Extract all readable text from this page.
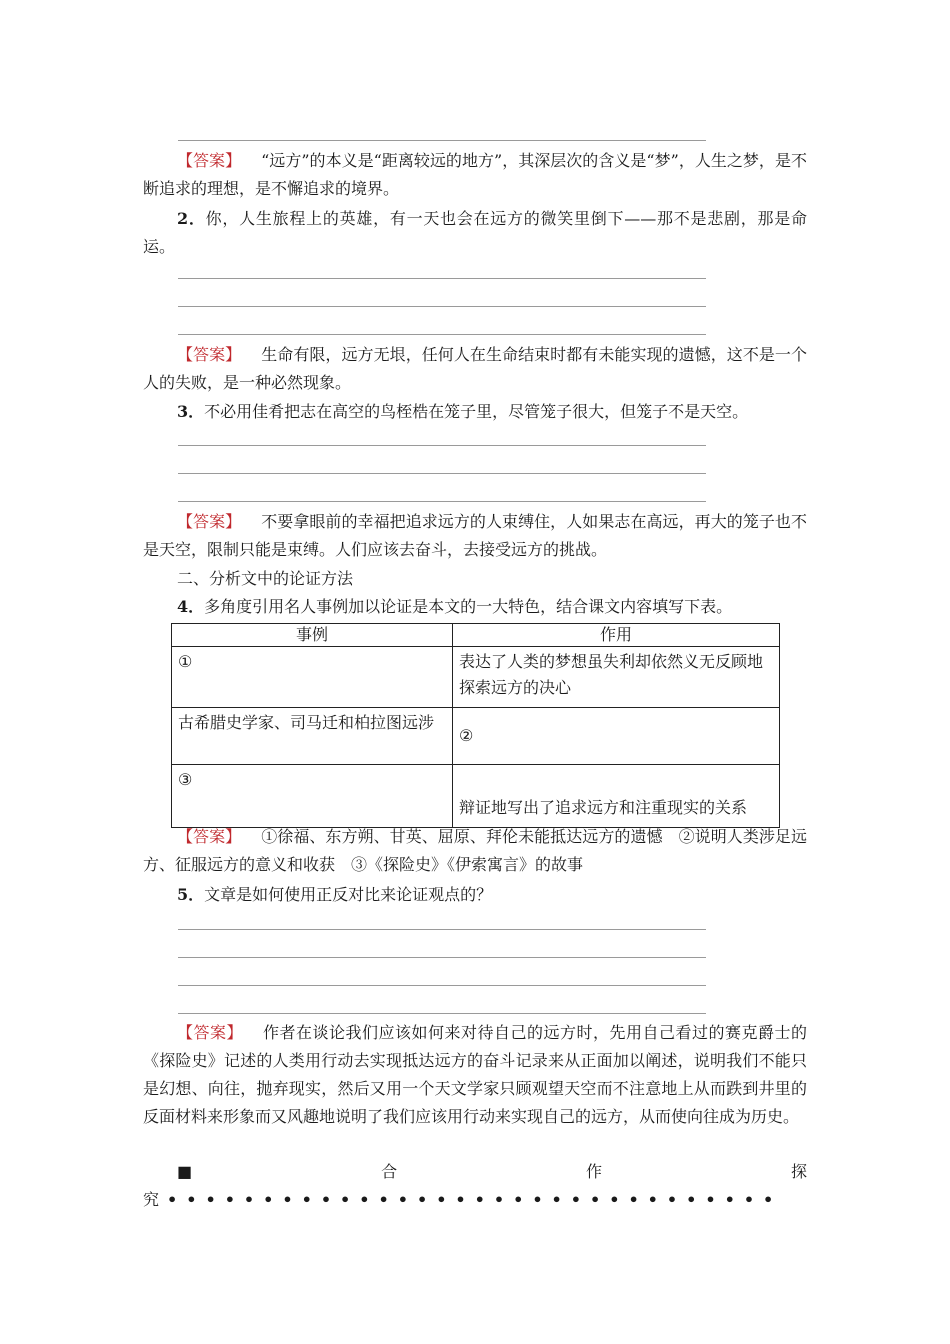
【答案】 “远方”的本义是“距离较远的地方”，其深层次的含义是“梦”，人生之梦，是不断追求的理想，是不懈追求的境界。

2．你，人生旅程上的英雄，有一天也会在远方的微笑里倒下——那不是悲剧，那是命运。

【答案】 生命有限，远方无垠，任何人在生命结束时都有未能实现的遗憾，这不是一个人的失败，是一种必然现象。

3．不必用佳肴把志在高空的鸟桎梏在笼子里，尽管笼子很大，但笼子不是天空。

【答案】 不要拿眼前的幸福把追求远方的人束缚住，人如果志在高远，再大的笼子也不是天空，限制只能是束缚。人们应该去奋斗，去接受远方的挑战。

二、分析文中的论证方法

4．多角度引用名人事例加以论证是本文的一大特色，结合课文内容填写下表。

事例	作用
①	表达了人类的梦想虽失利却依然义无反顾地探索远方的决心
古希腊史学家、司马迁和柏拉图远涉	②
③	辩证地写出了追求远方和注重现实的关系

【答案】 ①徐福、东方朔、甘英、屈原、拜伦未能抵达远方的遗憾　②说明人类涉足远方、征服远方的意义和收获　③《探险史》《伊索寓言》的故事

5．文章是如何使用正反对比来论证观点的？

【答案】 作者在谈论我们应该如何来对待自己的远方时，先用自己看过的赛克爵士的《探险史》记述的人类用行动去实现抵达远方的奋斗记录来从正面加以阐述，说明我们不能只是幻想、向往，抛弃现实，然后又用一个天文学家只顾观望天空而不注意地上从而跌到井里的反面材料来形象而又风趣地说明了我们应该用行动来实现自己的远方，从而使向往成为历史。

■	合	作	探
究 ••••••••••••••••••••••••••••••••
